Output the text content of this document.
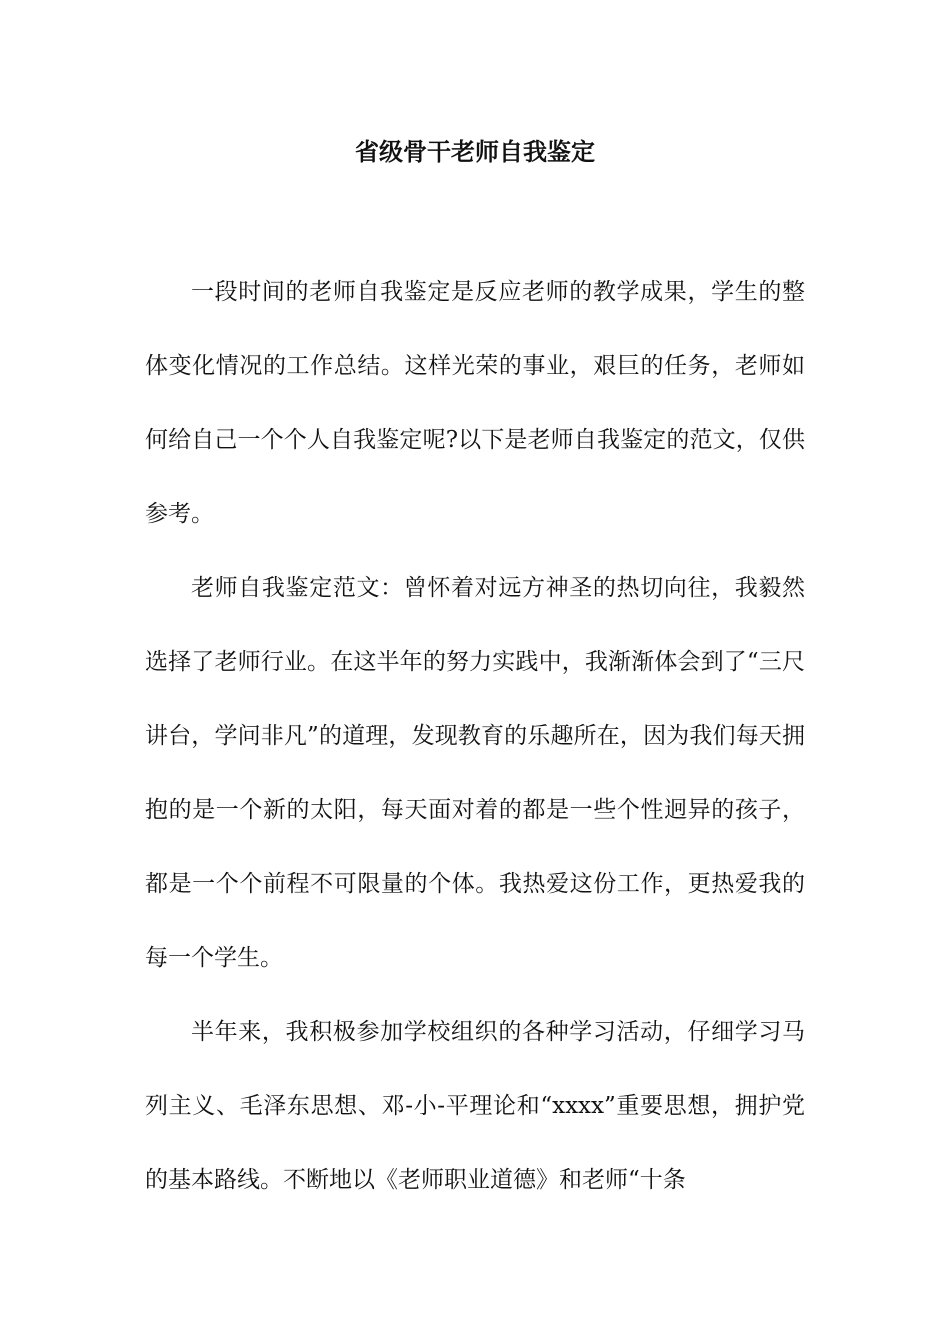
省级骨干老师自我鉴定

一段时间的老师自我鉴定是反应老师的教学成果，学生的整体变化情况的工作总结。这样光荣的事业，艰巨的任务，老师如何给自己一个个人自我鉴定呢?以下是老师自我鉴定的范文，仅供参考。

老师自我鉴定范文：曾怀着对远方神圣的热切向往，我毅然选择了老师行业。在这半年的努力实践中，我渐渐体会到了“三尺讲台，学问非凡”的道理，发现教育的乐趣所在，因为我们每天拥抱的是一个新的太阳，每天面对着的都是一些个性迥异的孩子，都是一个个前程不可限量的个体。我热爱这份工作，更热爱我的每一个学生。

半年来，我积极参加学校组织的各种学习活动，仔细学习马列主义、毛泽东思想、邓-小-平理论和“xxxx”重要思想，拥护党的基本路线。不断地以《老师职业道德》和老师“十条
